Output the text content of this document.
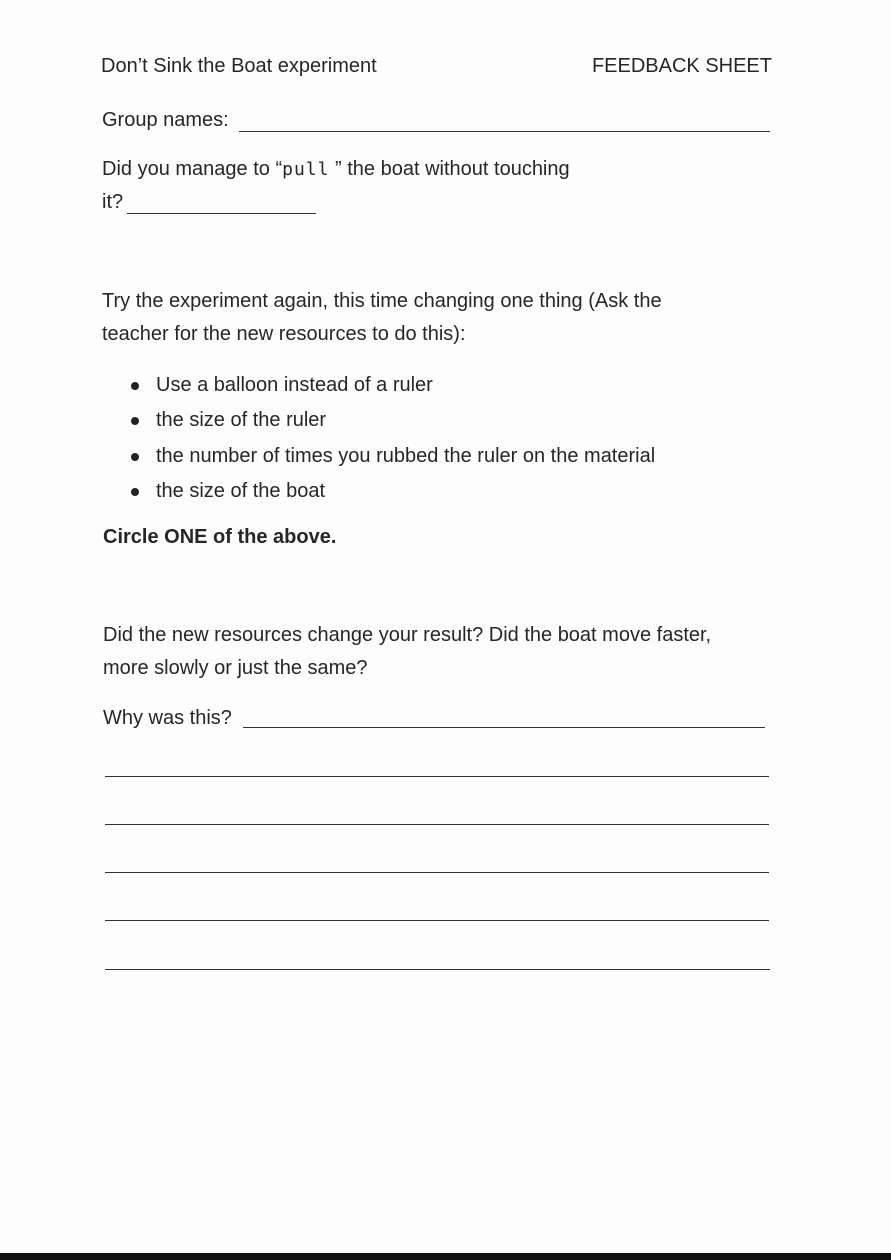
Don’t Sink the Boat experiment	FEEDBACK SHEET
Group names:
Did you manage to “pull ” the boat without touching
it?
Try the experiment again, this time changing one thing (Ask the
teacher for the new resources to do this):
Use a balloon instead of a ruler
the size of the ruler
the number of times you rubbed the ruler on the material
the size of the boat
Circle ONE of the above.
Did the new resources change your result? Did the boat move faster,
more slowly or just the same?
Why was this?
